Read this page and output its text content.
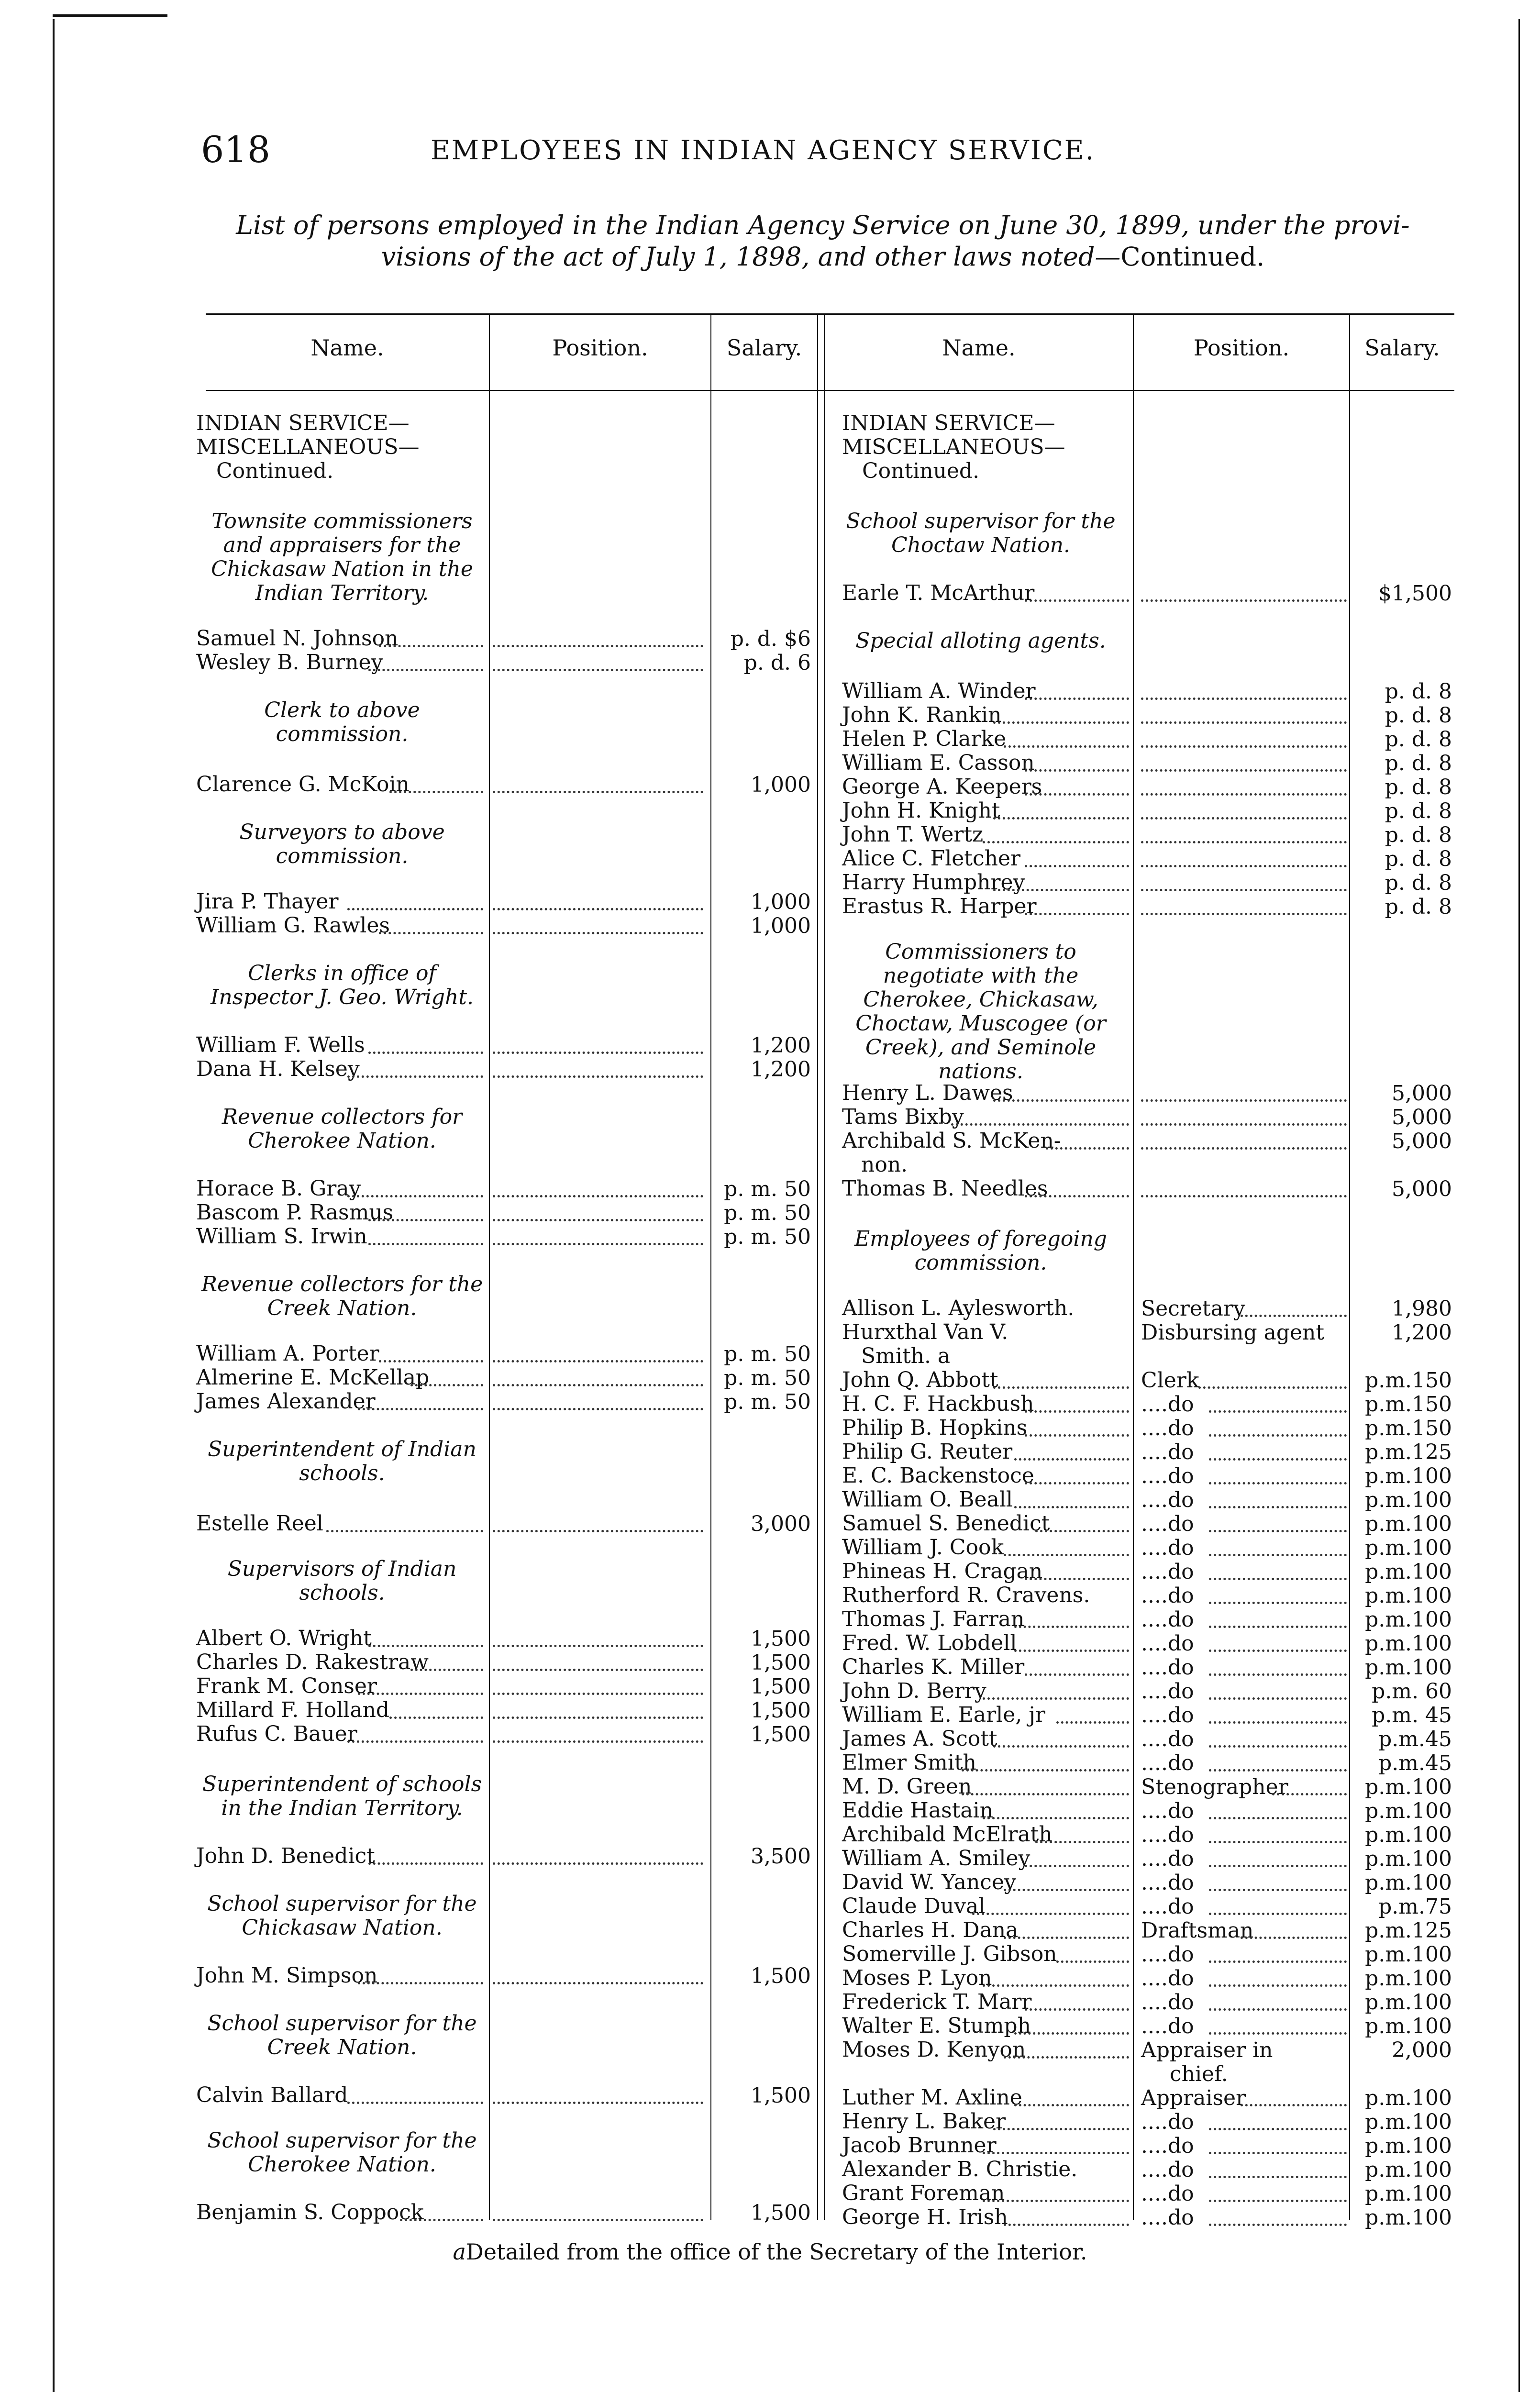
618	EMPLOYEES IN INDIAN AGENCY SERVICE.
List of persons employed in the Indian Agency Service on June 30, 1899, under the provi-
visions of the act of July 1, 1898, and other laws noted—Continued.
Name.	Position.	Salary.	Name.	Position.	Salary.
INDIAN SERVICE—
MISCELLANEOUS—
Continued.
Townsite commissioners and appraisers for the Chickasaw Nation in the Indian Territory.
Samuel N. Johnson	p. d. $6
Wesley B. Burney	p. d. 6
Clerk to above commission.
Clarence G. McKoin	1,000
Surveyors to above commission.
Jira P. Thayer	1,000
William G. Rawles	1,000
Clerks in office of Inspector J. Geo. Wright.
William F. Wells	1,200
Dana H. Kelsey	1,200
Revenue collectors for Cherokee Nation.
Horace B. Gray	p. m. 50
Bascom P. Rasmus	p. m. 50
William S. Irwin	p. m. 50
Revenue collectors for the Creek Nation.
William A. Porter	p. m. 50
Almerine E. McKellap	p. m. 50
James Alexander	p. m. 50
Superintendent of Indian schools.
Estelle Reel	3,000
Supervisors of Indian schools.
Albert O. Wright	1,500
Charles D. Rakestraw	1,500
Frank M. Conser	1,500
Millard F. Holland	1,500
Rufus C. Bauer	1,500
Superintendent of schools in the Indian Territory.
John D. Benedict	3,500
School supervisor for the Chickasaw Nation.
John M. Simpson	1,500
School supervisor for the Creek Nation.
Calvin Ballard	1,500
School supervisor for the Cherokee Nation.
Benjamin S. Coppock	1,500
INDIAN SERVICE—
MISCELLANEOUS—
Continued.
School supervisor for the Choctaw Nation.
Earle T. McArthur	$1,500
Special alloting agents.
William A. Winder	p. d. 8
John K. Rankin	p. d. 8
Helen P. Clarke	p. d. 8
William E. Casson	p. d. 8
George A. Keepers	p. d. 8
John H. Knight	p. d. 8
John T. Wertz	p. d. 8
Alice C. Fletcher	p. d. 8
Harry Humphrey	p. d. 8
Erastus R. Harper	p. d. 8
Commissioners to negotiate with the Cherokee, Chickasaw, Choctaw, Muscogee (or Creek), and Seminole nations.
Henry L. Dawes	5,000
Tams Bixby	5,000
Archibald S. McKen-	5,000
non.
Thomas B. Needles	5,000
Employees of foregoing commission.
Allison L. Aylesworth.	Secretary	1,980
Hurxthal Van V.	Disbursing agent	1,200
Smith. a
John Q. Abbott	Clerk	p.m.150
H. C. F. Hackbush	....do	p.m.150
Philip B. Hopkins	....do	p.m.150
Philip G. Reuter	....do	p.m.125
E. C. Backenstoce	....do	p.m.100
William O. Beall	....do	p.m.100
Samuel S. Benedict	....do	p.m.100
William J. Cook	....do	p.m.100
Phineas H. Cragan	....do	p.m.100
Rutherford R. Cravens. ....do	p.m.100
Thomas J. Farran	....do	p.m.100
Fred. W. Lobdell	....do	p.m.100
Charles K. Miller	....do	p.m.100
John D. Berry	....do	p.m. 60
William E. Earle, jr	....do	p.m. 45
James A. Scott	....do	p.m.45
Elmer Smith	....do	p.m.45
M. D. Green	Stenographer	p.m.100
Eddie Hastain	....do	p.m.100
Archibald McElrath	....do	p.m.100
William A. Smiley	....do	p.m.100
David W. Yancey	....do	p.m.100
Claude Duval	....do	p.m.75
Charles H. Dana	Draftsman	p.m.125
Somerville J. Gibson	....do	p.m.100
Moses P. Lyon	....do	p.m.100
Frederick T. Marr	....do	p.m.100
Walter E. Stumph	....do	p.m.100
Moses D. Kenyon	Appraiser in	2,000
chief.
Luther M. Axline	Appraiser	p.m.100
Henry L. Baker	....do	p.m.100
Jacob Brunner	....do	p.m.100
Alexander B. Christie.	....do	p.m.100
Grant Foreman	....do	p.m.100
George H. Irish	....do	p.m.100
aDetailed from the office of the Secretary of the Interior.
